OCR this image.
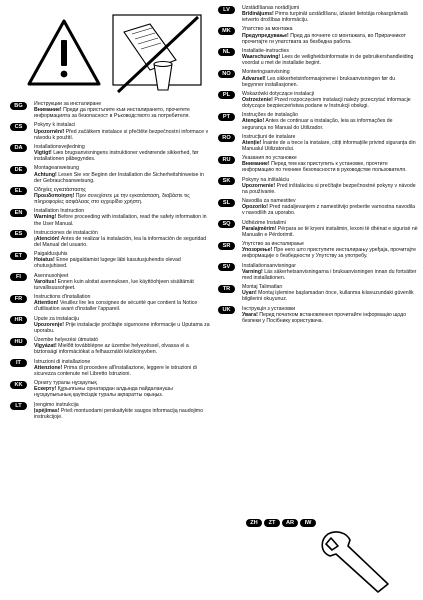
BG	Инструкции за инсталиране
Внимание! Преди да пристъпите към инсталирането, прочетете информацията за безопасност в Ръководството за потребителя.
CS	Pokyny k instalaci
Upozornění! Před začátkem instalace si přečtěte bezpečnostní informace v návodu k použití.
DA	Installationsvejledning
Vigtigt! Læs brugsanvisningens instruktioner vedrørende sikkerhed, før installationen påbegyndes.
DE	Montageanweisung
Achtung! Lesen Sie vor Beginn der Installation die Sicherheitshinweise in der Gebrauchsanweisung.
EL	Οδηγίες εγκατάστασης
Προειδοποίηση! Πριν συνεχίσετε με την εγκατάσταση, διαβάστε τις πληροφορίες ασφάλειας στο εγχειρίδιο χρήστη.
EN	Installation Instruction
Warning! Before proceeding with installation, read the safety information in the User Manual.
ES	Instrucciones de instalación
¡Atención! Antes de realizar la instalación, lea la información de seguridad del Manual del usuario.
ET	Paigaldusjuhis
Hoiatus! Enne paigaldamist lugege läbi kasutusjuhendis olevad ohutusjuhised.
FI	Asennusohjeet
Varoitus! Ennen kuin aloitat asennuksen, lue käyttöohjeen sisältämät turvallisuusohjeet.
FR	Instructions d'installation
Attention! Veuillez lire les consignes de sécurité que contient la Notice d'utilisation avant d'installer l'appareil.
HR	Upute za instalaciju
Upozorenje! Prije instalacije pročitajte sigurnosne informacije u Uputama za uporabu.
HU	Üzembe helyezési útmutató
Vigyázat! Mielőtt továbblépne az üzembe helyezéssel, olvassa el a biztonsági információkat a felhasználói kézikönyvben.
IT	Istruzioni di installazione
Attenzione! Prima di procedere all'installazione, leggere le istruzioni di sicurezza contenute nel Libretto Istruzioni.
KK	Орнату туралы нұсқаулық
Ескерту! Құрылғыны орнатардан алдында пайдаланушы нұсқаулығының қауіпсіздік туралы ақпаратты оқыңыз.
LT	Įrengimo instrukcija
Įspėjimas! Prieš montuodami perskaitykite saugos informaciją naudojimo instrukcijoje.
LV	Uzstādīšanas norādījumi
Brīdinājums! Pirms turpināt uzstādīšanu, izlasiet lietotāja rokasgrāmatā ietverto drošības informāciju.
MK	Упатство за монтажа
Предупредување! Пред да почнете со монтажата, во Прирачникот прочитајте ги упатствата за безбедна работа.
NL	Installatie-instructies
Waarschuwing! Lees de veiligheidsinformatie in de gebruikershandleiding voordat u met de installatie begint.
NO	Monteringsanvisning
Advarsel! Les sikkerhetsinformasjonene i bruksanvisningen før du begynner installasjonen.
PL	Wskazówki dotyczące instalacji
Ostrzeżenie! Przed rozpoczęciem instalacji należy przeczytać informacje dotyczące bezpieczeństwa podane w Instrukcji obsługi.
PT	Instruções de instalação
Atenção! Antes de continuar a instalação, leia as informações de segurança no Manual do Utilizador.
RO	Instrucțiuni de instalare
Atenție! Înainte de a trece la instalare, citiți informațiile privind siguranța din Manualul Utilizatorului.
RU	Указания по установке
Внимание! Перед тем как приступить к установке, прочтите информацию по технике безопасности в руководстве пользователя.
SK	Pokyny na inštaláciu
Upozornenie! Pred inštaláciou si prečítajte bezpečnostné pokyny v návode na používanie.
SL	Navodila za namestitev
Opozorilo! Pred nadaljevanjem z namestitvijo preberite varnostna navodila v navodilih za uporabo.
SQ	Udhëzime Instalimi
Paralajmërim! Përpara se të kryeni instalimin, lexoni të dhënat e sigurisë në Manualin e Përdorimit.
SR	Упутство за инсталирање
Упозорење! Пре него што приступите инсталирању уређаја, прочитајте информације о безбедности у Упутству за употребу.
SV	Installationsanvisningar
Varning! Läs säkerhetsanvisningarna i bruksanvisningen innan du fortsätter med installationen.
TR	Montaj Talimatları
Uyarı! Montaj işlemine başlamadan önce, kullanma kılavuzundaki güvenlik bilgilerini okuyunuz.
UK	Інструкція з установки
Увага! Перед початком встановлення прочитайте інформацію щодо безпеки у Посібнику користувача.
ZH	ZT	AR	IW
